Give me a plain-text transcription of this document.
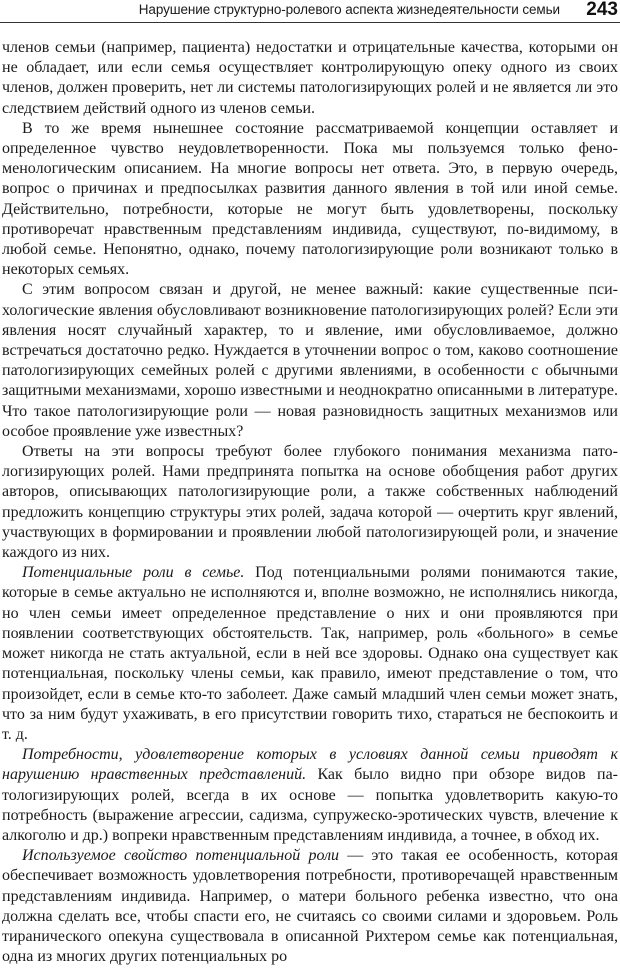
Нарушение структурно-ролевого аспекта жизнедеятельности семьи 243

членов семьи (например, пациента) недостатки и отрицательные качества, которыми он не обладает, или если семья осуществляет контролирующую опеку одного из своих членов, должен проверить, нет ли системы патологизирующих ролей и не является ли это следствием действий одного из членов семьи.

В то же время нынешнее состояние рассматриваемой концепции оставляет и определенное чувство неудовлетворенности. Пока мы пользуемся только феноменологическим описанием. На многие вопросы нет ответа. Это, в первую очередь, вопрос о причинах и предпосылках развития данного явления в той или иной семье. Действительно, потребности, которые не могут быть удовлетворены, поскольку противоречат нравственным представлениям индивида, существуют, по-видимому, в любой семье. Непонятно, однако, почему патологизирующие роли возникают только в некоторых семьях.

С этим вопросом связан и другой, не менее важный: какие существенные психологические явления обусловливают возникновение патологизирующих ролей? Если эти явления носят случайный характер, то и явление, ими обусловливаемое, должно встречаться достаточно редко. Нуждается в уточнении вопрос о том, каково соотношение патологизирующих семейных ролей с другими явлениями, в особенности с обычными защитными механизмами, хорошо известными и неоднократно описанными в литературе. Что такое патологизирующие роли — новая разновидность защитных механизмов или особое проявление уже известных?

Ответы на эти вопросы требуют более глубокого понимания механизма патологизирующих ролей. Нами предпринята попытка на основе обобщения работ других авторов, описывающих патологизирующие роли, а также собственных наблюдений предложить концепцию структуры этих ролей, задача которой — очертить круг явлений, участвующих в формировании и проявлении любой патологизирующей роли, и значение каждого из них.

Потенциальные роли в семье. Под потенциальными ролями понимаются такие, которые в семье актуально не исполняются и, вполне возможно, не исполнялись никогда, но член семьи имеет определенное представление о них и они проявляются при появлении соответствующих обстоятельств. Так, например, роль «больного» в семье может никогда не стать актуальной, если в ней все здоровы. Однако она существует как потенциальная, поскольку члены семьи, как правило, имеют представление о том, что произойдет, если в семье кто-то заболеет. Даже самый младший член семьи может знать, что за ним будут ухаживать, в его присутствии говорить тихо, стараться не беспокоить и т. д.

Потребности, удовлетворение которых в условиях данной семьи приводят к нарушению нравственных представлений. Как было видно при обзоре видов патологизирующих ролей, всегда в их основе — попытка удовлетворить какую-то потребность (выражение агрессии, садизма, супружеско-эротических чувств, влечение к алкоголю и др.) вопреки нравственным представлениям индивида, а точнее, в обход их.

Используемое свойство потенциальной роли — это такая ее особенность, которая обеспечивает возможность удовлетворения потребности, противоречащей нравственным представлениям индивида. Например, о матери больного ребенка известно, что она должна сделать все, чтобы спасти его, не считаясь со своими силами и здоровьем. Роль тиранического опекуна существовала в описанной Рихтером семье как потенциальная, одна из многих других потенциальных ро
